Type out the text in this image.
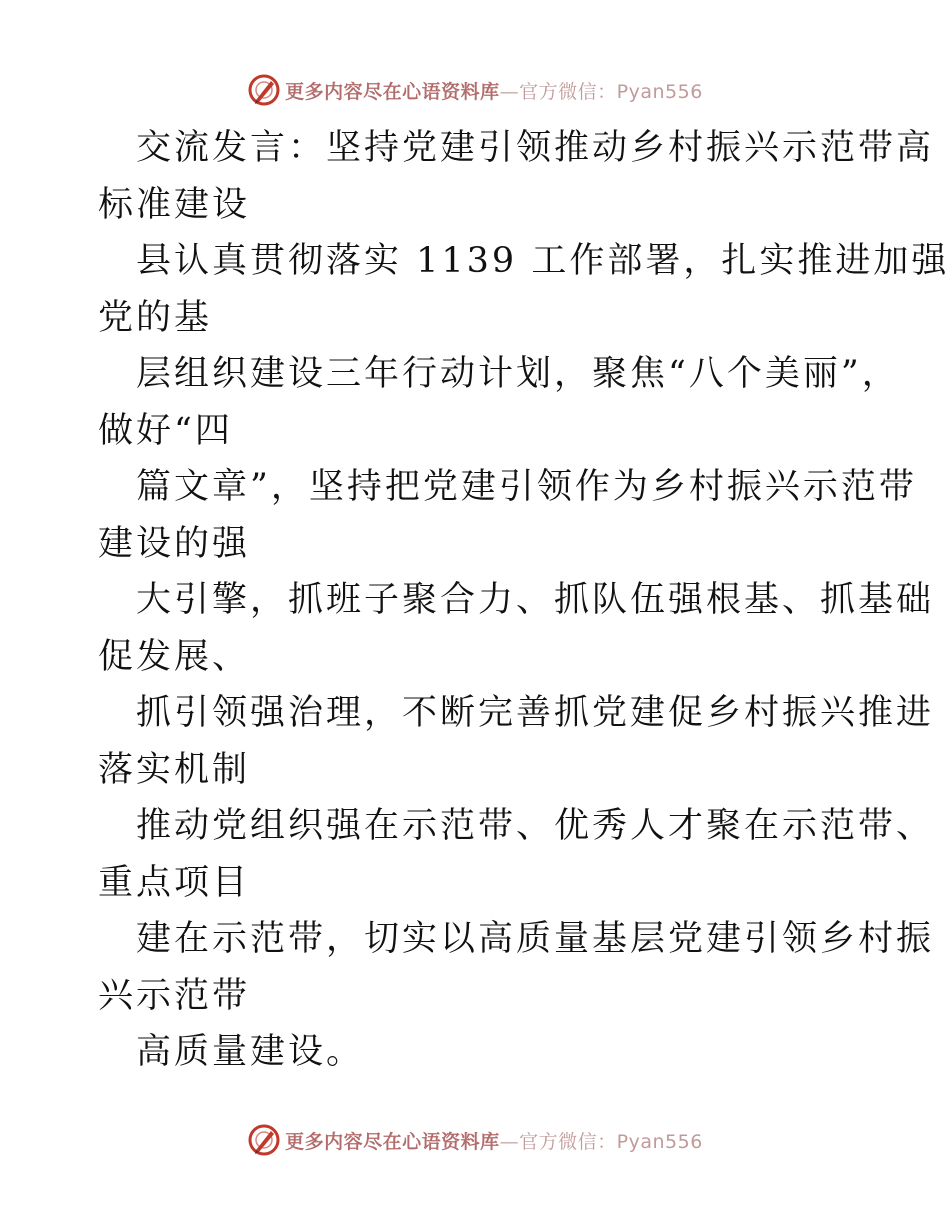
更多内容尽在心语资料库—官方微信：Pyan556
交流发言：坚持党建引领推动乡村振兴示范带高
标准建设
县认真贯彻落实 1139 工作部署，扎实推进加强
党的基
层组织建设三年行动计划，聚焦“八个美丽”，
做好“四
篇文章”，坚持把党建引领作为乡村振兴示范带
建设的强
大引擎，抓班子聚合力、抓队伍强根基、抓基础
促发展、
抓引领强治理，不断完善抓党建促乡村振兴推进
落实机制
推动党组织强在示范带、优秀人才聚在示范带、
重点项目
建在示范带，切实以高质量基层党建引领乡村振
兴示范带
高质量建设。
更多内容尽在心语资料库—官方微信：Pyan556
